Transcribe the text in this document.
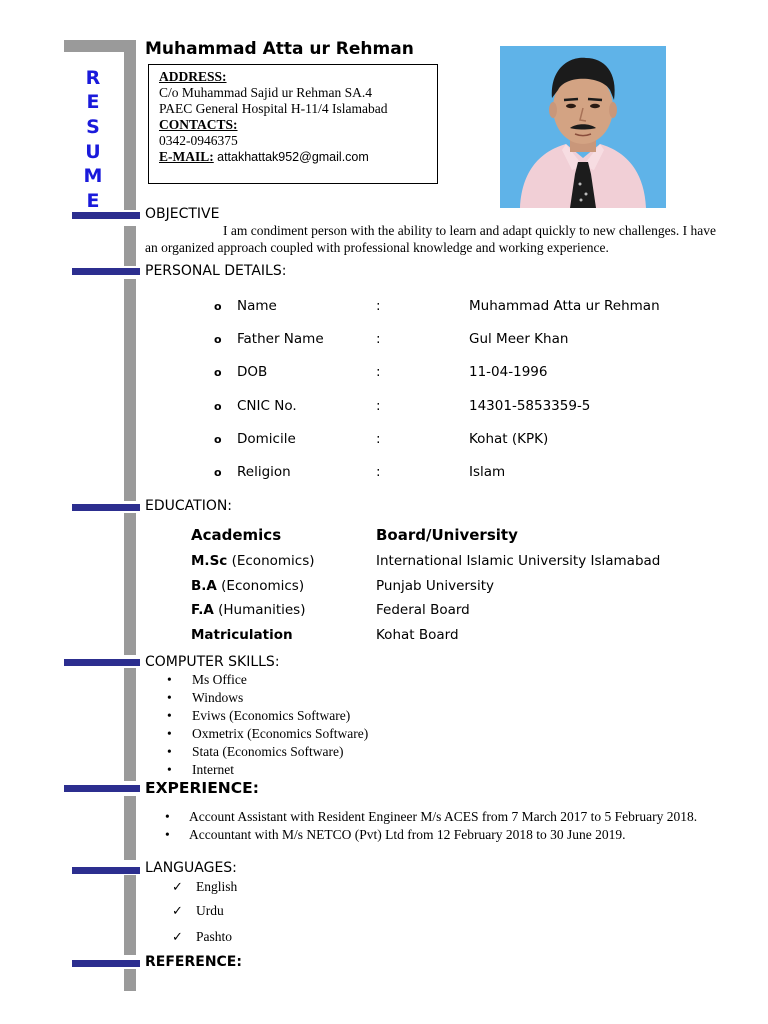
R
E
S
U
M
E
Muhammad Atta ur Rehman
ADDRESS:
C/o Muhammad Sajid ur Rehman SA.4
PAEC General Hospital H-11/4 Islamabad
CONTACTS:
0342-0946375
E-MAIL: attakhattak952@gmail.com
OBJECTIVE
I am condiment person with the ability to learn and adapt quickly to new challenges. I have an organized approach coupled with professional knowledge and working experience.
PERSONAL DETAILS:
o Name	:	Muhammad Atta ur Rehman
o Father Name	:	Gul Meer Khan
o DOB	:	11-04-1996
o CNIC No.	:	14301-5853359-5
o Domicile	:	Kohat (KPK)
o Religion	:	Islam
EDUCATION:
Academics	Board/University
M.Sc (Economics)	International Islamic University Islamabad
B.A (Economics)	Punjab University
F.A (Humanities)	Federal Board
Matriculation	Kohat Board
COMPUTER SKILLS:
• Ms Office
• Windows
• Eviws (Economics Software)
• Oxmetrix (Economics Software)
• Stata (Economics Software)
• Internet
EXPERIENCE:
• Account Assistant with Resident Engineer M/s ACES from 7 March 2017 to 5 February 2018.
• Accountant with M/s NETCO (Pvt) Ltd from 12 February 2018 to 30 June 2019.
LANGUAGES:
✓ English
✓ Urdu
✓ Pashto
REFERENCE:
